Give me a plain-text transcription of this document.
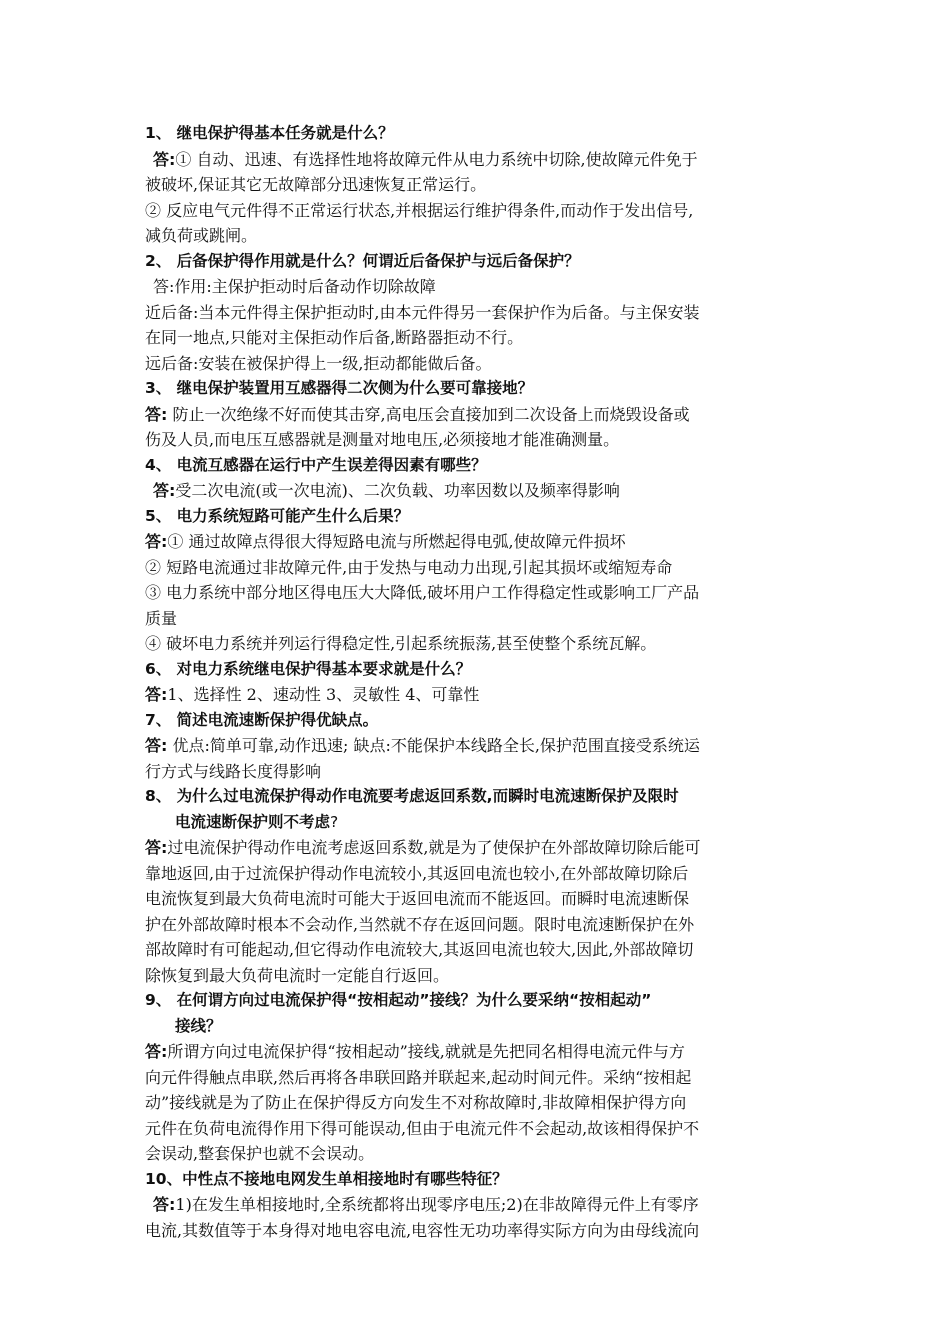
1、 继电保护得基本任务就是什么？
答:① 自动、迅速、有选择性地将故障元件从电力系统中切除,使故障元件免于
被破坏,保证其它无故障部分迅速恢复正常运行。
② 反应电气元件得不正常运行状态,并根据运行维护得条件,而动作于发出信号,
减负荷或跳闸。
2、 后备保护得作用就是什么？何谓近后备保护与远后备保护？
答:作用:主保护拒动时后备动作切除故障
近后备:当本元件得主保护拒动时,由本元件得另一套保护作为后备。与主保安装
在同一地点,只能对主保拒动作后备,断路器拒动不行。
远后备:安装在被保护得上一级,拒动都能做后备。
3、 继电保护装置用互感器得二次侧为什么要可靠接地？
答: 防止一次绝缘不好而使其击穿,高电压会直接加到二次设备上而烧毁设备或
伤及人员,而电压互感器就是测量对地电压,必须接地才能准确测量。
4、 电流互感器在运行中产生误差得因素有哪些？
答:受二次电流(或一次电流)、二次负载、功率因数以及频率得影响
5、 电力系统短路可能产生什么后果？
答:① 通过故障点得很大得短路电流与所燃起得电弧,使故障元件损坏
② 短路电流通过非故障元件,由于发热与电动力出现,引起其损坏或缩短寿命
③ 电力系统中部分地区得电压大大降低,破坏用户工作得稳定性或影响工厂产品
质量
④ 破坏电力系统并列运行得稳定性,引起系统振荡,甚至使整个系统瓦解。
6、 对电力系统继电保护得基本要求就是什么？
答:1、选择性 2、速动性 3、灵敏性 4、可靠性
7、 简述电流速断保护得优缺点。
答: 优点:简单可靠,动作迅速; 缺点:不能保护本线路全长,保护范围直接受系统运
行方式与线路长度得影响
8、 为什么过电流保护得动作电流要考虑返回系数,而瞬时电流速断保护及限时
电流速断保护则不考虑?
答:过电流保护得动作电流考虑返回系数,就是为了使保护在外部故障切除后能可
靠地返回,由于过流保护得动作电流较小,其返回电流也较小,在外部故障切除后
电流恢复到最大负荷电流时可能大于返回电流而不能返回。而瞬时电流速断保
护在外部故障时根本不会动作,当然就不存在返回问题。限时电流速断保护在外
部故障时有可能起动,但它得动作电流较大,其返回电流也较大,因此,外部故障切
除恢复到最大负荷电流时一定能自行返回。
9、 在何谓方向过电流保护得“按相起动”接线？为什么要采纳“按相起动”
接线？
答:所谓方向过电流保护得“按相起动”接线,就就是先把同名相得电流元件与方
向元件得触点串联,然后再将各串联回路并联起来,起动时间元件。采纳“按相起
动”接线就是为了防止在保护得反方向发生不对称故障时,非故障相保护得方向
元件在负荷电流得作用下得可能误动,但由于电流元件不会起动,故该相得保护不
会误动,整套保护也就不会误动。
10、中性点不接地电网发生单相接地时有哪些特征？
答:1)在发生单相接地时,全系统都将出现零序电压;2)在非故障得元件上有零序
电流,其数值等于本身得对地电容电流,电容性无功功率得实际方向为由母线流向
